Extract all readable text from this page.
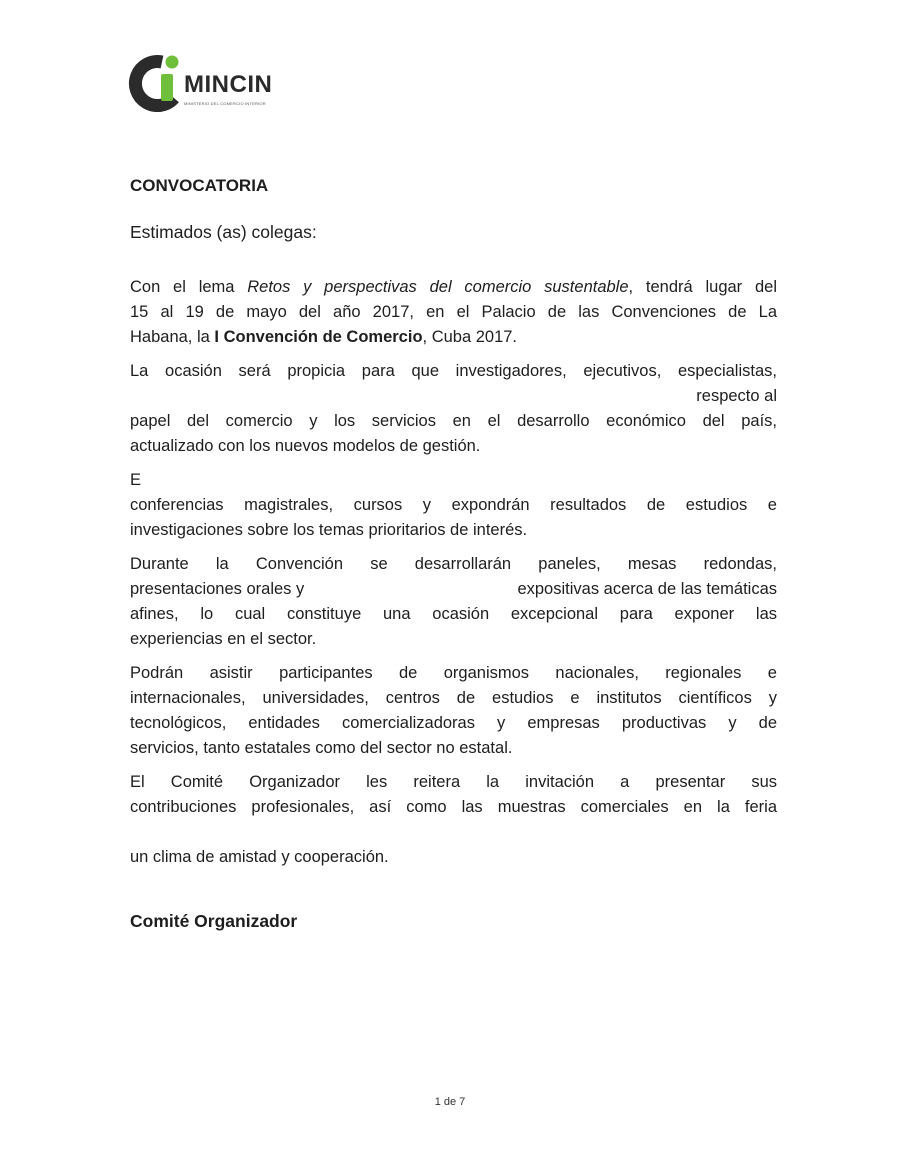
MINCIN
MINISTERIO DEL COMERCIO INTERIOR
CONVOCATORIA

Estimados (as) colegas:

Con el lema Retos y perspectivas del comercio sustentable, tendrá lugar del
15 al 19 de mayo del año 2017, en el Palacio de las Convenciones de La
Habana, la I Convención de Comercio, Cuba 2017.

La ocasión será propicia para que investigadores, ejecutivos, especialistas,
respecto al
papel del comercio y los servicios en el desarrollo económico del país,
actualizado con los nuevos modelos de gestión.

E
conferencias magistrales, cursos y expondrán resultados de estudios e
investigaciones sobre los temas prioritarios de interés.

Durante la Convención se desarrollarán paneles, mesas redondas,
presentaciones orales y	expositivas acerca de las temáticas
afines, lo cual constituye una ocasión excepcional para exponer las
experiencias en el sector.

Podrán asistir participantes de organismos nacionales, regionales e
internacionales, universidades, centros de estudios e institutos científicos y
tecnológicos, entidades comercializadoras y empresas productivas y de
servicios, tanto estatales como del sector no estatal.

El Comité Organizador les reitera la invitación a presentar sus
contribuciones profesionales, así como las muestras comerciales en la feria
un clima de amistad y cooperación.

Comité Organizador

1 de 7
